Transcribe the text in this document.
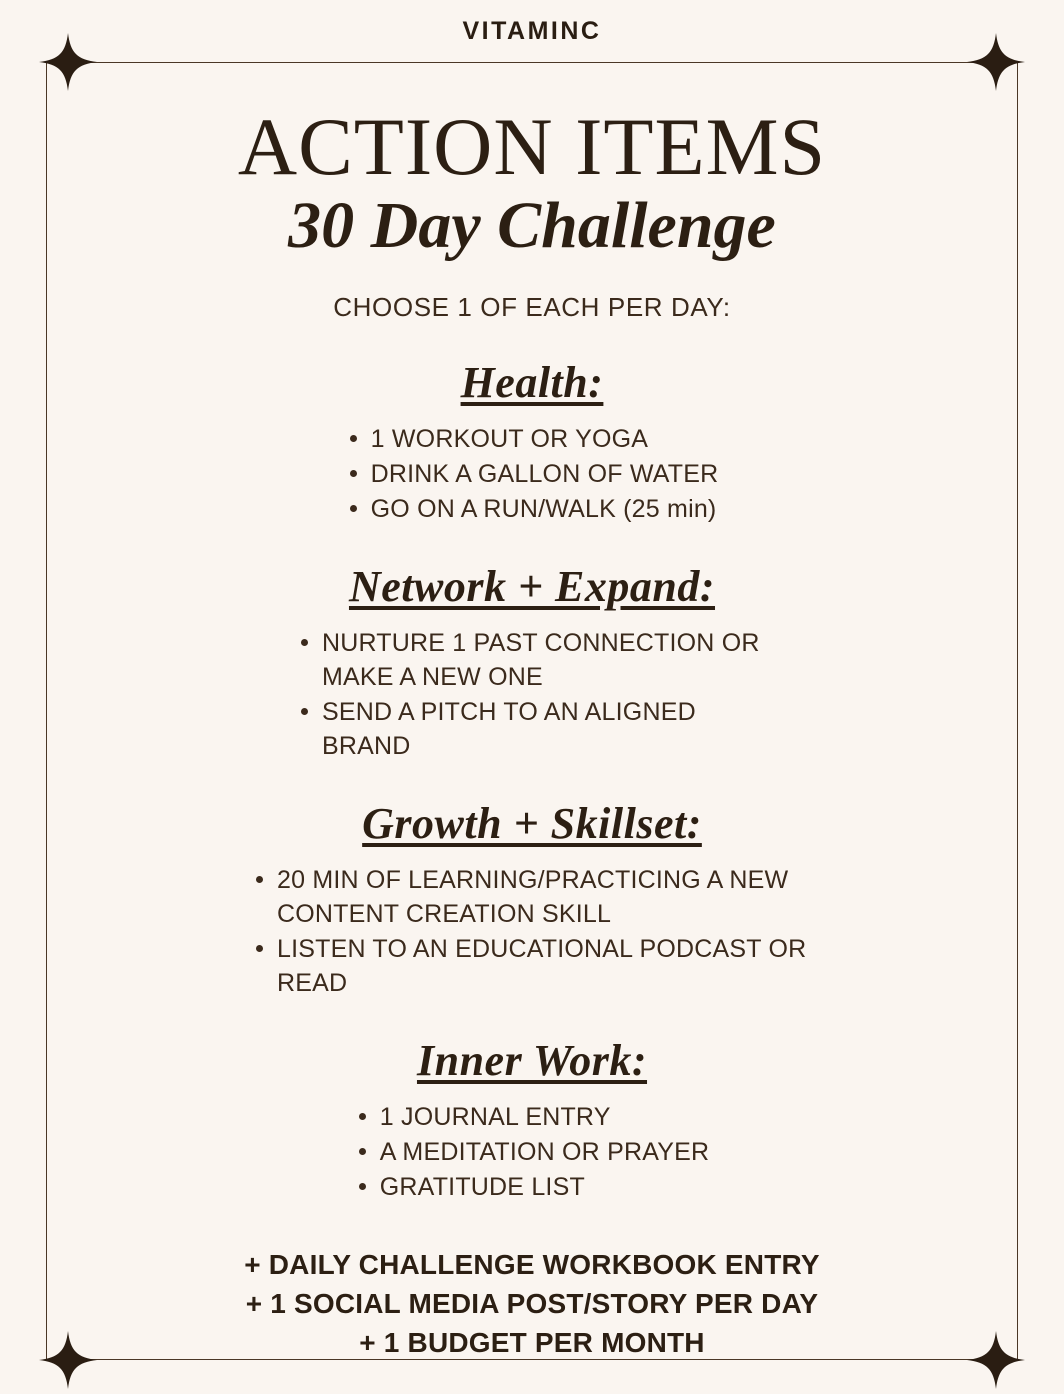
VITAMINC
ACTION ITEMS
30 Day Challenge
CHOOSE 1 OF EACH PER DAY:
Health:
1 WORKOUT OR YOGA
DRINK A GALLON OF WATER
GO ON A RUN/WALK (25 min)
Network + Expand:
NURTURE 1 PAST CONNECTION OR MAKE A NEW ONE
SEND A PITCH TO AN ALIGNED BRAND
Growth + Skillset:
20 MIN OF LEARNING/PRACTICING A NEW CONTENT CREATION SKILL
LISTEN TO AN EDUCATIONAL PODCAST OR READ
Inner Work:
1 JOURNAL ENTRY
A MEDITATION OR PRAYER
GRATITUDE LIST
+ DAILY CHALLENGE WORKBOOK ENTRY
+ 1 SOCIAL MEDIA POST/STORY PER DAY
+ 1 BUDGET PER MONTH
